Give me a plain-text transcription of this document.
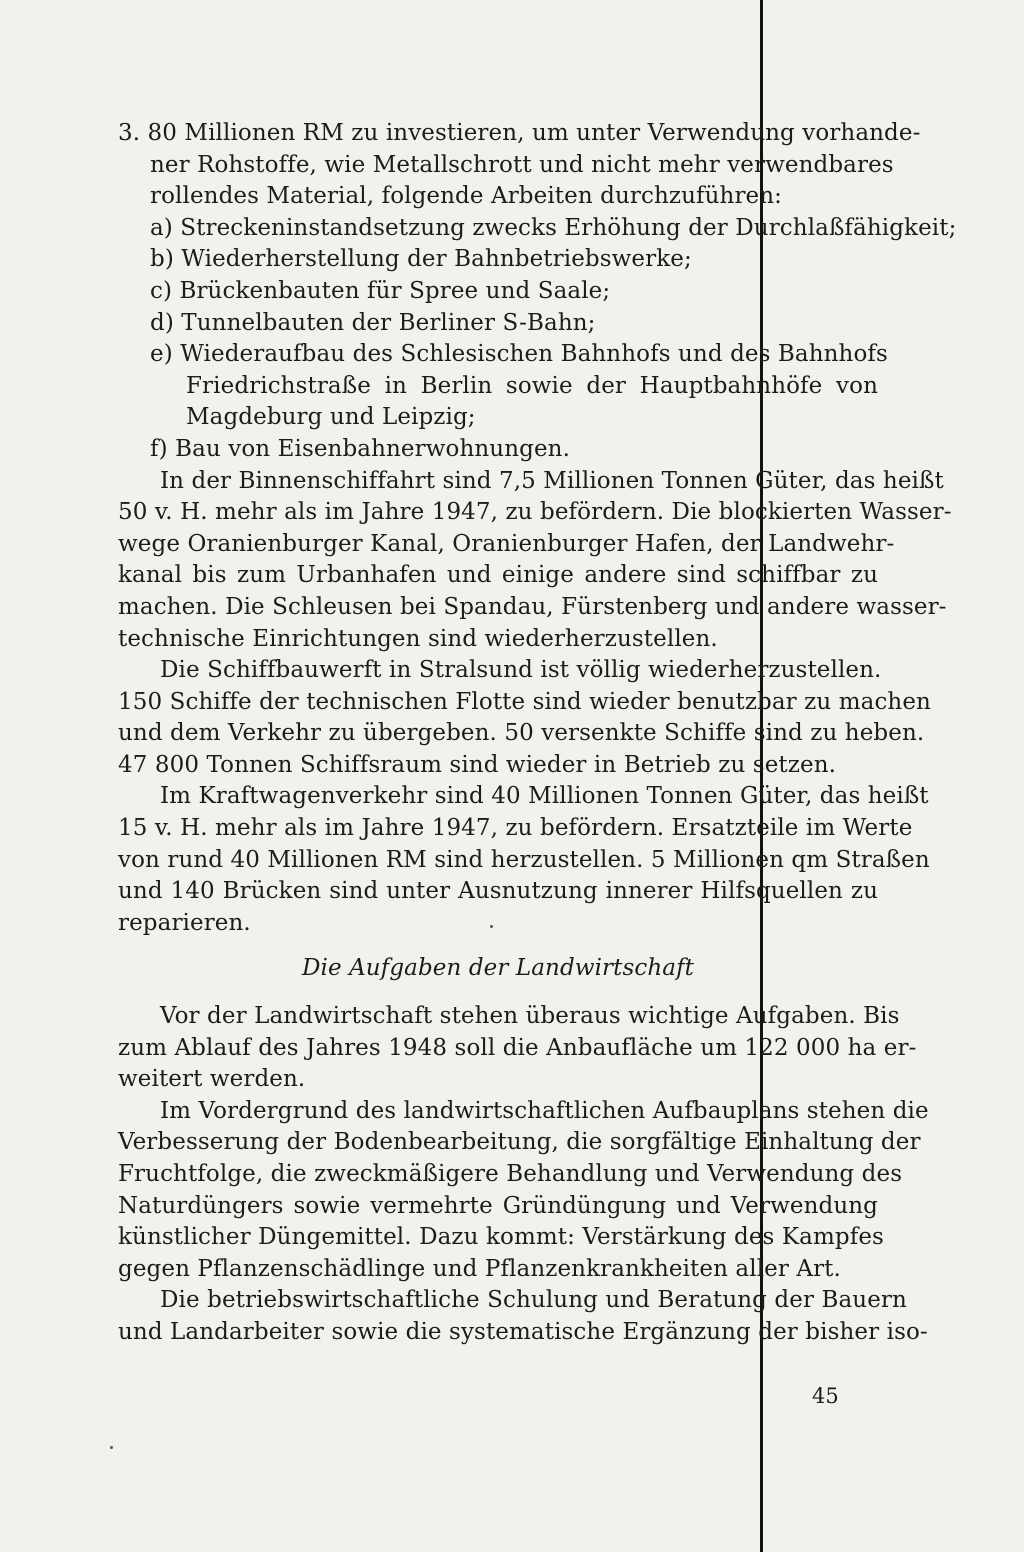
3. 80 Millionen RM zu investieren, um unter Verwendung vorhande-
ner Rohstoffe, wie Metallschrott und nicht mehr verwendbares
rollendes Material, folgende Arbeiten durchzuführen:
a) Streckeninstandsetzung zwecks Erhöhung der Durchlaßfähigkeit;
b) Wiederherstellung der Bahnbetriebswerke;
c) Brückenbauten für Spree und Saale;
d) Tunnelbauten der Berliner S-Bahn;
e) Wiederaufbau des Schlesischen Bahnhofs und des Bahnhofs
Friedrichstraße in Berlin sowie der Hauptbahnhöfe von
Magdeburg und Leipzig;
f) Bau von Eisenbahnerwohnungen.
In der Binnenschiffahrt sind 7,5 Millionen Tonnen Güter, das heißt
50 v. H. mehr als im Jahre 1947, zu befördern. Die blockierten Wasser-
wege Oranienburger Kanal, Oranienburger Hafen, der Landwehr-
kanal bis zum Urbanhafen und einige andere sind schiffbar zu
machen. Die Schleusen bei Spandau, Fürstenberg und andere wasser-
technische Einrichtungen sind wiederherzustellen.
Die Schiffbauwerft in Stralsund ist völlig wiederherzustellen.
150 Schiffe der technischen Flotte sind wieder benutzbar zu machen
und dem Verkehr zu übergeben. 50 versenkte Schiffe sind zu heben.
47 800 Tonnen Schiffsraum sind wieder in Betrieb zu setzen.
Im Kraftwagenverkehr sind 40 Millionen Tonnen Güter, das heißt
15 v. H. mehr als im Jahre 1947, zu befördern. Ersatzteile im Werte
von rund 40 Millionen RM sind herzustellen. 5 Millionen qm Straßen
und 140 Brücken sind unter Ausnutzung innerer Hilfsquellen zu
reparieren.
Die Aufgaben der Landwirtschaft
Vor der Landwirtschaft stehen überaus wichtige Aufgaben. Bis
zum Ablauf des Jahres 1948 soll die Anbaufläche um 122 000 ha er-
weitert werden.
Im Vordergrund des landwirtschaftlichen Aufbauplans stehen die
Verbesserung der Bodenbearbeitung, die sorgfältige Einhaltung der
Fruchtfolge, die zweckmäßigere Behandlung und Verwendung des
Naturdüngers sowie vermehrte Gründüngung und Verwendung
künstlicher Düngemittel. Dazu kommt: Verstärkung des Kampfes
gegen Pflanzenschädlinge und Pflanzenkrankheiten aller Art.
Die betriebswirtschaftliche Schulung und Beratung der Bauern
und Landarbeiter sowie die systematische Ergänzung der bisher iso-
45
